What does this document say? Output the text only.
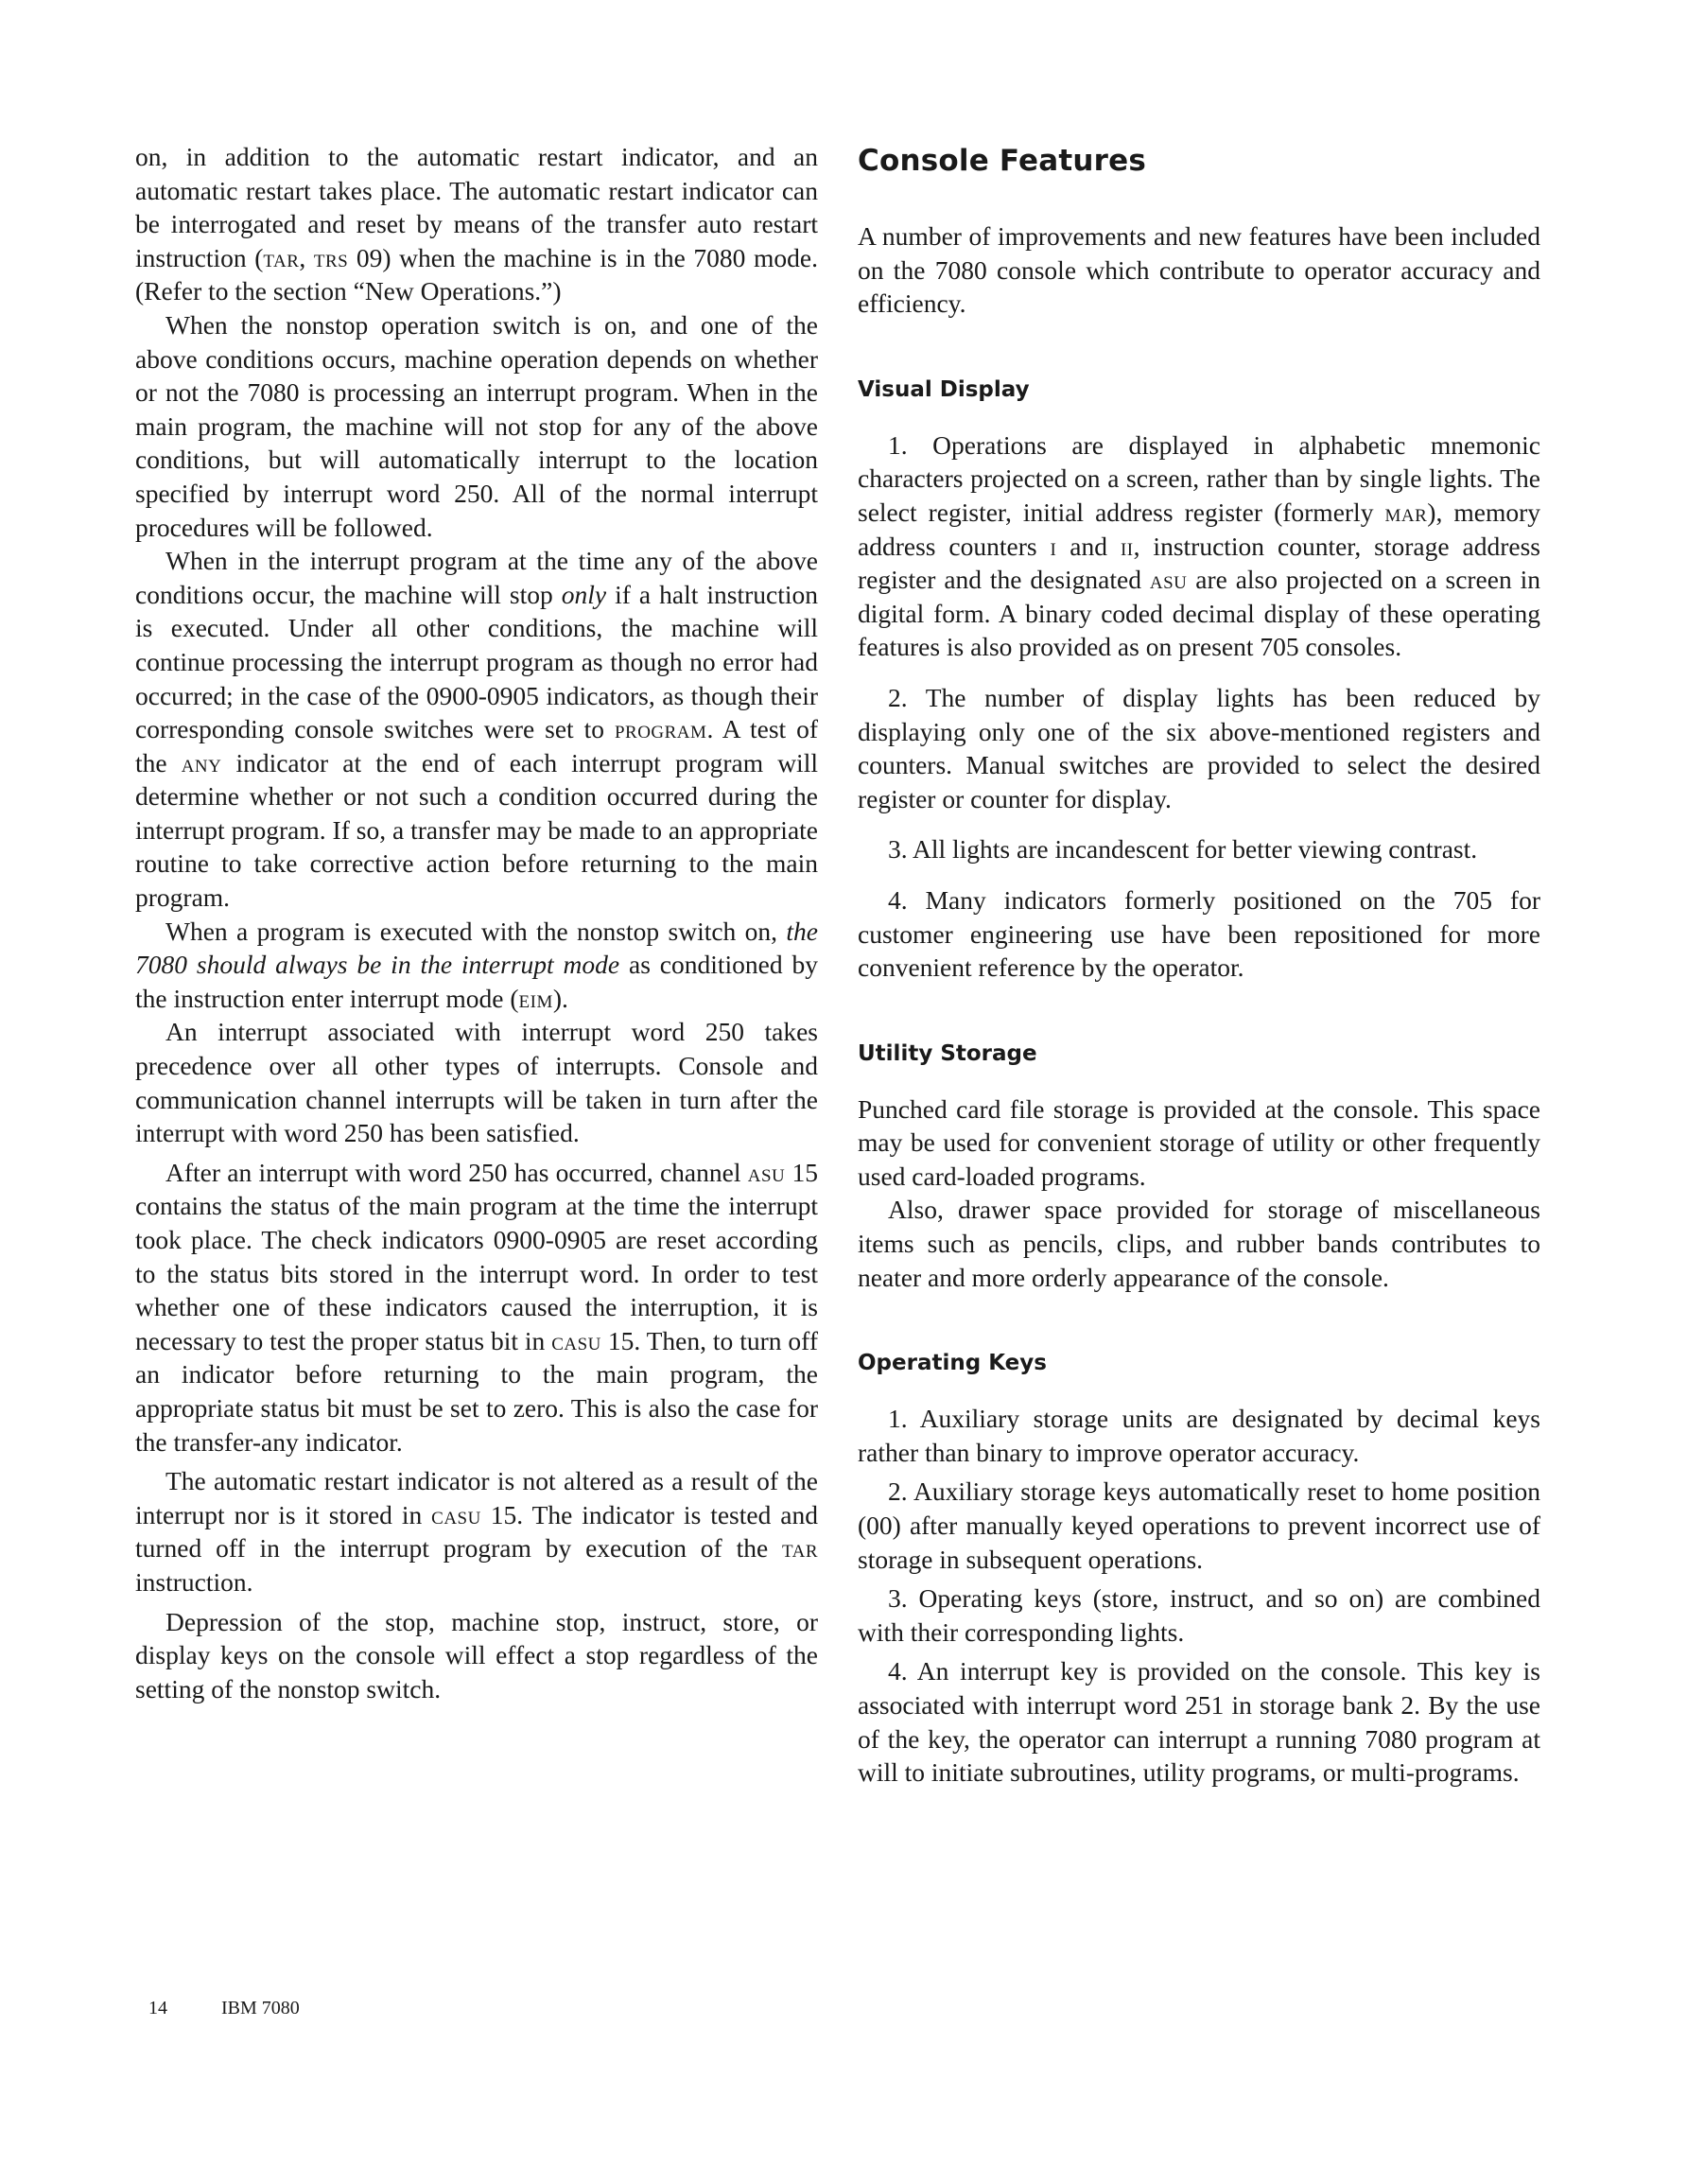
on, in addition to the automatic restart indicator, and an automatic restart takes place. The automatic restart indicator can be interrogated and reset by means of the transfer auto restart instruction (tar, trs 09) when the machine is in the 7080 mode. (Refer to the section “New Operations.”)

When the nonstop operation switch is on, and one of the above conditions occurs, machine operation depends on whether or not the 7080 is processing an interrupt program. When in the main program, the machine will not stop for any of the above conditions, but will automatically interrupt to the location specified by interrupt word 250. All of the normal interrupt procedures will be followed.

When in the interrupt program at the time any of the above conditions occur, the machine will stop only if a halt instruction is executed. Under all other conditions, the machine will continue processing the interrupt program as though no error had occurred; in the case of the 0900-0905 indicators, as though their corresponding console switches were set to program. A test of the any indicator at the end of each interrupt program will determine whether or not such a condition occurred during the interrupt program. If so, a transfer may be made to an appropriate routine to take corrective action before returning to the main program.

When a program is executed with the nonstop switch on, the 7080 should always be in the interrupt mode as conditioned by the instruction enter interrupt mode (eim).

An interrupt associated with interrupt word 250 takes precedence over all other types of interrupts. Console and communication channel interrupts will be taken in turn after the interrupt with word 250 has been satisfied.

After an interrupt with word 250 has occurred, channel asu 15 contains the status of the main program at the time the interrupt took place. The check indicators 0900-0905 are reset according to the status bits stored in the interrupt word. In order to test whether one of these indicators caused the interruption, it is necessary to test the proper status bit in casu 15. Then, to turn off an indicator before returning to the main program, the appropriate status bit must be set to zero. This is also the case for the transfer-any indicator.

The automatic restart indicator is not altered as a result of the interrupt nor is it stored in casu 15. The indicator is tested and turned off in the interrupt program by execution of the tar instruction.

Depression of the stop, machine stop, instruct, store, or display keys on the console will effect a stop regardless of the setting of the nonstop switch.

Console Features

A number of improvements and new features have been included on the 7080 console which contribute to operator accuracy and efficiency.

Visual Display

1. Operations are displayed in alphabetic mnemonic characters projected on a screen, rather than by single lights. The select register, initial address register (formerly mar), memory address counters i and ii, instruction counter, storage address register and the designated asu are also projected on a screen in digital form. A binary coded decimal display of these operating features is also provided as on present 705 consoles.

2. The number of display lights has been reduced by displaying only one of the six above-mentioned registers and counters. Manual switches are provided to select the desired register or counter for display.

3. All lights are incandescent for better viewing contrast.

4. Many indicators formerly positioned on the 705 for customer engineering use have been repositioned for more convenient reference by the operator.

Utility Storage

Punched card file storage is provided at the console. This space may be used for convenient storage of utility or other frequently used card-loaded programs.

Also, drawer space provided for storage of miscellaneous items such as pencils, clips, and rubber bands contributes to neater and more orderly appearance of the console.

Operating Keys

1. Auxiliary storage units are designated by decimal keys rather than binary to improve operator accuracy.

2. Auxiliary storage keys automatically reset to home position (00) after manually keyed operations to prevent incorrect use of storage in subsequent operations.

3. Operating keys (store, instruct, and so on) are combined with their corresponding lights.

4. An interrupt key is provided on the console. This key is associated with interrupt word 251 in storage bank 2. By the use of the key, the operator can interrupt a running 7080 program at will to initiate subroutines, utility programs, or multi-programs.

14	IBM 7080
